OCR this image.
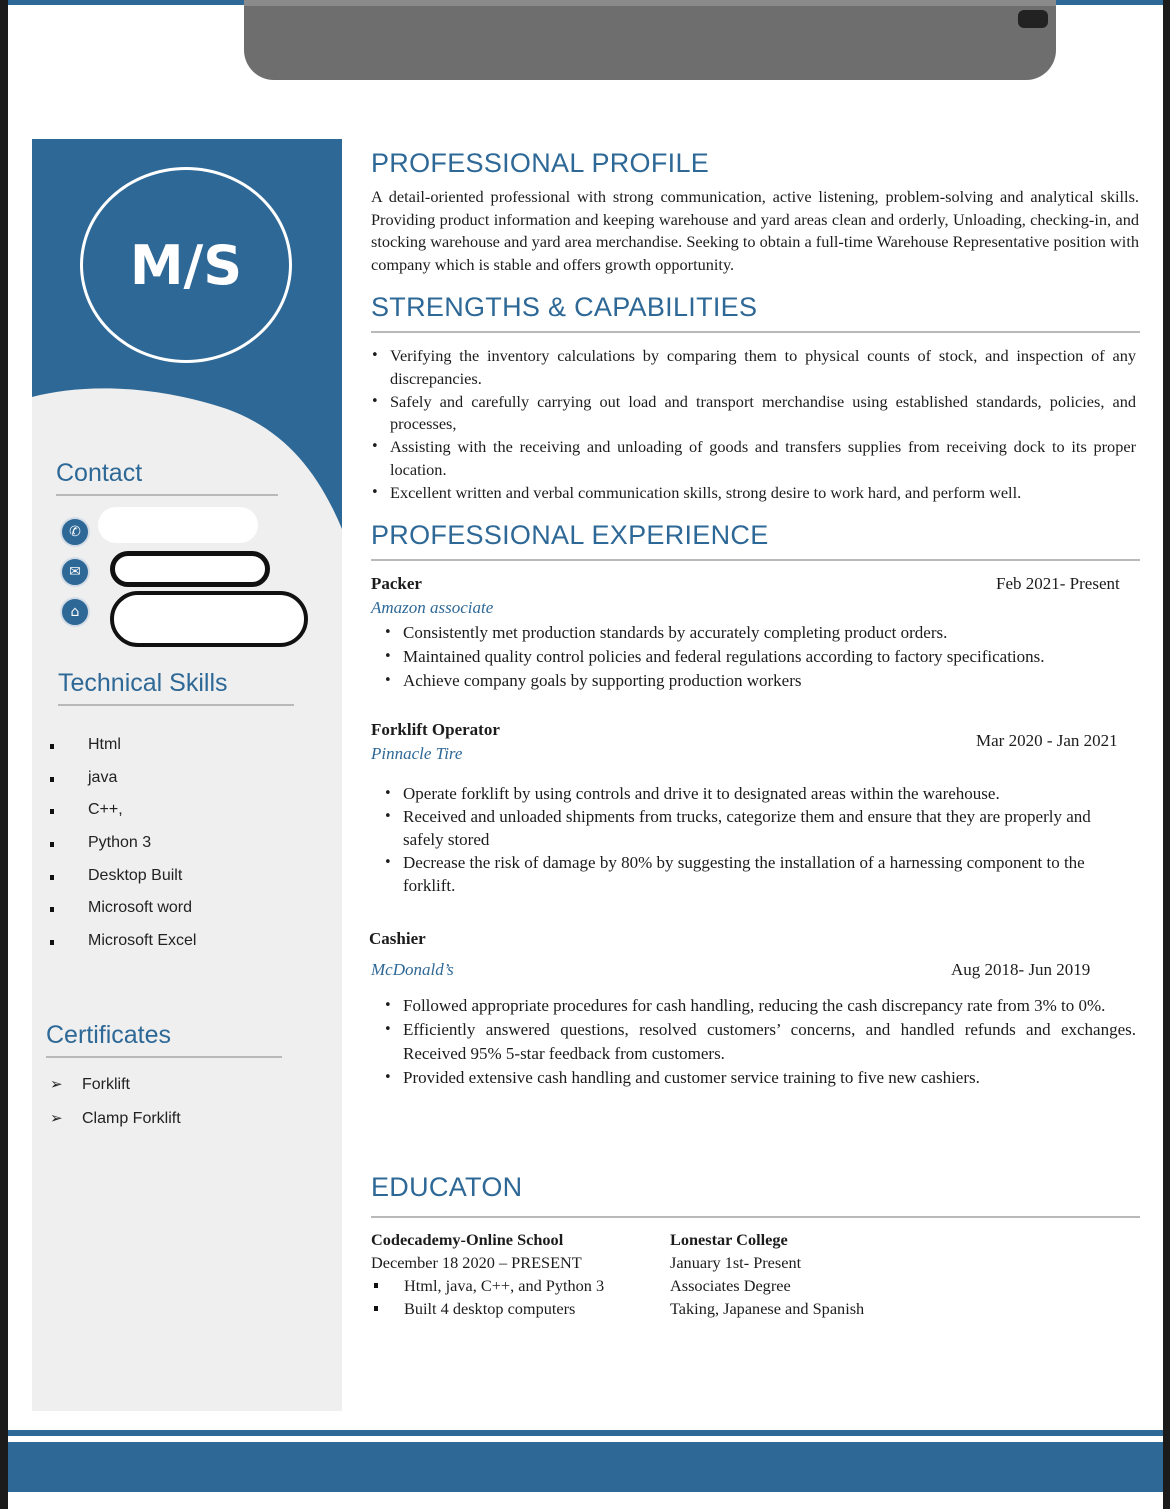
M/S
Contact
✆
✉
⌂
Technical Skills
Html
java
C++,
Python 3
Desktop Built
Microsoft word
Microsoft Excel
Certificates
➢ Forklift
➢ Clamp Forklift
PROFESSIONAL PROFILE
A detail-oriented professional with strong communication, active listening, problem-solving and analytical skills. Providing product information and keeping warehouse and yard areas clean and orderly, Unloading, checking-in, and stocking warehouse and yard area merchandise. Seeking to obtain a full-time Warehouse Representative position with company which is stable and offers growth opportunity.
STRENGTHS & CAPABILITIES
• Verifying the inventory calculations by comparing them to physical counts of stock, and inspection of any discrepancies.
• Safely and carefully carrying out load and transport merchandise using established standards, policies, and processes,
• Assisting with the receiving and unloading of goods and transfers supplies from receiving dock to its proper location.
• Excellent written and verbal communication skills, strong desire to work hard, and perform well.
PROFESSIONAL EXPERIENCE
Packer	Feb 2021- Present
Amazon associate
• Consistently met production standards by accurately completing product orders.
• Maintained quality control policies and federal regulations according to factory specifications.
• Achieve company goals by supporting production workers
Forklift Operator
Mar 2020 - Jan 2021
Pinnacle Tire
• Operate forklift by using controls and drive it to designated areas within the warehouse.
• Received and unloaded shipments from trucks, categorize them and ensure that they are properly and safely stored
• Decrease the risk of damage by 80% by suggesting the installation of a harnessing component to the forklift.
Cashier
McDonald’s	Aug 2018- Jun 2019
• Followed appropriate procedures for cash handling, reducing the cash discrepancy rate from 3% to 0%.
• Efficiently answered questions, resolved customers’ concerns, and handled refunds and exchanges. Received 95% 5-star feedback from customers.
• Provided extensive cash handling and customer service training to five new cashiers.
EDUCATON
Codecademy-Online School
December 18 2020 – PRESENT
Html, java, C++, and Python 3
Built 4 desktop computers
Lonestar College
January 1st- Present
Associates Degree
Taking, Japanese and Spanish
